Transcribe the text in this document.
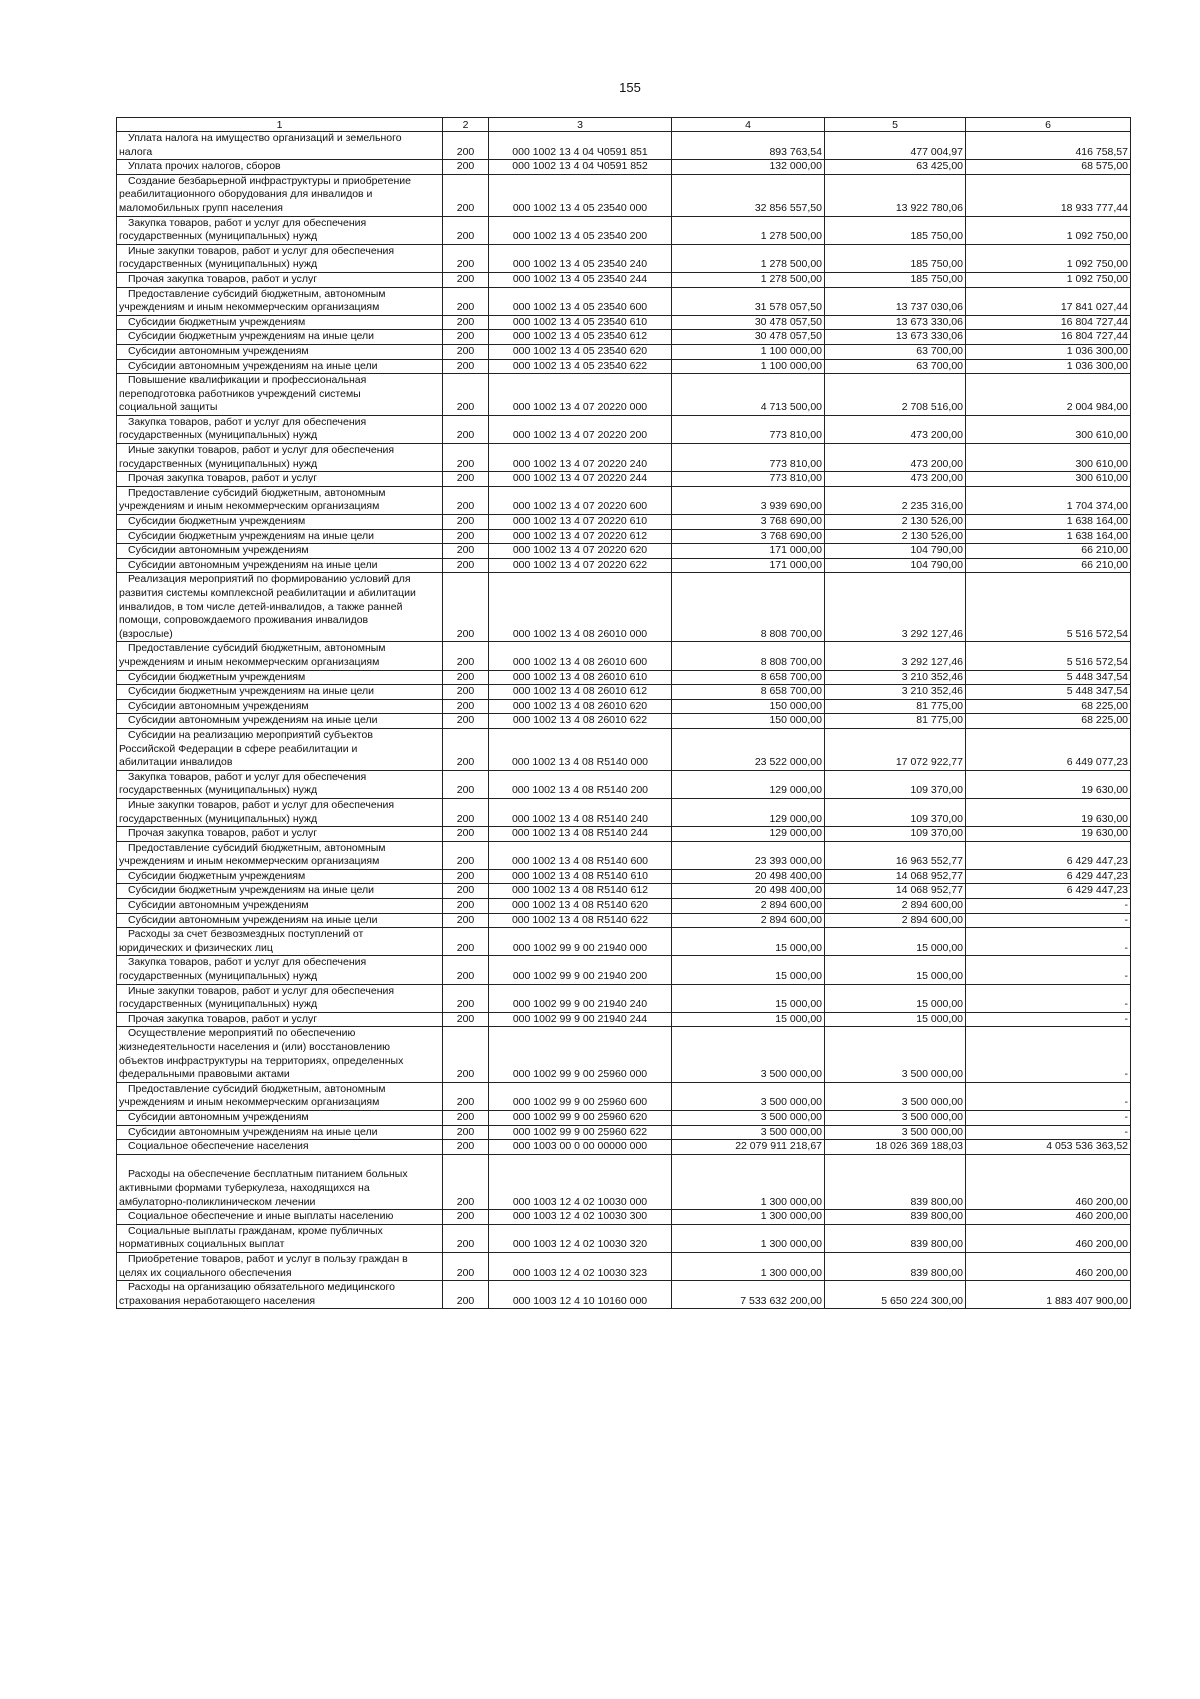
155
1	2	3	4	5	6

Уплата налога на имущество организаций и земельного
налога	200	000 1002 13 4 04 Ч0591 851	893 763,54	477 004,97	416 758,57

Уплата прочих налогов, сборов	200	000 1002 13 4 04 Ч0591 852	132 000,00	63 425,00	68 575,00

Создание безбарьерной инфраструктуры и приобретение
реабилитационного оборудования для инвалидов и
маломобильных групп населения	200	000 1002 13 4 05 23540 000	32 856 557,50	13 922 780,06	18 933 777,44

Закупка товаров, работ и услуг для обеспечения
государственных (муниципальных) нужд	200	000 1002 13 4 05 23540 200	1 278 500,00	185 750,00	1 092 750,00

Иные закупки товаров, работ и услуг для обеспечения
государственных (муниципальных) нужд	200	000 1002 13 4 05 23540 240	1 278 500,00	185 750,00	1 092 750,00

Прочая закупка товаров, работ и услуг	200	000 1002 13 4 05 23540 244	1 278 500,00	185 750,00	1 092 750,00

Предоставление субсидий бюджетным, автономным
учреждениям и иным некоммерческим организациям	200	000 1002 13 4 05 23540 600	31 578 057,50	13 737 030,06	17 841 027,44

Субсидии бюджетным учреждениям	200	000 1002 13 4 05 23540 610	30 478 057,50	13 673 330,06	16 804 727,44

Субсидии бюджетным учреждениям на иные цели	200	000 1002 13 4 05 23540 612	30 478 057,50	13 673 330,06	16 804 727,44

Субсидии автономным учреждениям	200	000 1002 13 4 05 23540 620	1 100 000,00	63 700,00	1 036 300,00

Субсидии автономным учреждениям на иные цели	200	000 1002 13 4 05 23540 622	1 100 000,00	63 700,00	1 036 300,00

Повышение квалификации и профессиональная
переподготовка работников учреждений системы
социальной защиты	200	000 1002 13 4 07 20220 000	4 713 500,00	2 708 516,00	2 004 984,00

Закупка товаров, работ и услуг для обеспечения
государственных (муниципальных) нужд	200	000 1002 13 4 07 20220 200	773 810,00	473 200,00	300 610,00

Иные закупки товаров, работ и услуг для обеспечения
государственных (муниципальных) нужд	200	000 1002 13 4 07 20220 240	773 810,00	473 200,00	300 610,00

Прочая закупка товаров, работ и услуг	200	000 1002 13 4 07 20220 244	773 810,00	473 200,00	300 610,00

Предоставление субсидий бюджетным, автономным
учреждениям и иным некоммерческим организациям	200	000 1002 13 4 07 20220 600	3 939 690,00	2 235 316,00	1 704 374,00

Субсидии бюджетным учреждениям	200	000 1002 13 4 07 20220 610	3 768 690,00	2 130 526,00	1 638 164,00

Субсидии бюджетным учреждениям на иные цели	200	000 1002 13 4 07 20220 612	3 768 690,00	2 130 526,00	1 638 164,00

Субсидии автономным учреждениям	200	000 1002 13 4 07 20220 620	171 000,00	104 790,00	66 210,00

Субсидии автономным учреждениям на иные цели	200	000 1002 13 4 07 20220 622	171 000,00	104 790,00	66 210,00

Реализация мероприятий по формированию условий для
развития системы комплексной реабилитации и абилитации
инвалидов, в том числе детей-инвалидов, а также ранней
помощи, сопровождаемого проживания инвалидов
(взрослые)	200	000 1002 13 4 08 26010 000	8 808 700,00	3 292 127,46	5 516 572,54

Предоставление субсидий бюджетным, автономным
учреждениям и иным некоммерческим организациям	200	000 1002 13 4 08 26010 600	8 808 700,00	3 292 127,46	5 516 572,54

Субсидии бюджетным учреждениям	200	000 1002 13 4 08 26010 610	8 658 700,00	3 210 352,46	5 448 347,54

Субсидии бюджетным учреждениям на иные цели	200	000 1002 13 4 08 26010 612	8 658 700,00	3 210 352,46	5 448 347,54

Субсидии автономным учреждениям	200	000 1002 13 4 08 26010 620	150 000,00	81 775,00	68 225,00

Субсидии автономным учреждениям на иные цели	200	000 1002 13 4 08 26010 622	150 000,00	81 775,00	68 225,00

Субсидии на реализацию мероприятий субъектов
Российской Федерации в сфере реабилитации и
абилитации инвалидов	200	000 1002 13 4 08 R5140 000	23 522 000,00	17 072 922,77	6 449 077,23

Закупка товаров, работ и услуг для обеспечения
государственных (муниципальных) нужд	200	000 1002 13 4 08 R5140 200	129 000,00	109 370,00	19 630,00

Иные закупки товаров, работ и услуг для обеспечения
государственных (муниципальных) нужд	200	000 1002 13 4 08 R5140 240	129 000,00	109 370,00	19 630,00

Прочая закупка товаров, работ и услуг	200	000 1002 13 4 08 R5140 244	129 000,00	109 370,00	19 630,00

Предоставление субсидий бюджетным, автономным
учреждениям и иным некоммерческим организациям	200	000 1002 13 4 08 R5140 600	23 393 000,00	16 963 552,77	6 429 447,23

Субсидии бюджетным учреждениям	200	000 1002 13 4 08 R5140 610	20 498 400,00	14 068 952,77	6 429 447,23

Субсидии бюджетным учреждениям на иные цели	200	000 1002 13 4 08 R5140 612	20 498 400,00	14 068 952,77	6 429 447,23

Субсидии автономным учреждениям	200	000 1002 13 4 08 R5140 620	2 894 600,00	2 894 600,00	-

Субсидии автономным учреждениям на иные цели	200	000 1002 13 4 08 R5140 622	2 894 600,00	2 894 600,00	-

Расходы за счет безвозмездных поступлений от
юридических и физических лиц	200	000 1002 99 9 00 21940 000	15 000,00	15 000,00	-

Закупка товаров, работ и услуг для обеспечения
государственных (муниципальных) нужд	200	000 1002 99 9 00 21940 200	15 000,00	15 000,00	-

Иные закупки товаров, работ и услуг для обеспечения
государственных (муниципальных) нужд	200	000 1002 99 9 00 21940 240	15 000,00	15 000,00	-

Прочая закупка товаров, работ и услуг	200	000 1002 99 9 00 21940 244	15 000,00	15 000,00	-

Осуществление мероприятий по обеспечению
жизнедеятельности населения и (или) восстановлению
объектов инфраструктуры на территориях, определенных
федеральными правовыми актами	200	000 1002 99 9 00 25960 000	3 500 000,00	3 500 000,00	-

Предоставление субсидий бюджетным, автономным
учреждениям и иным некоммерческим организациям	200	000 1002 99 9 00 25960 600	3 500 000,00	3 500 000,00	-

Субсидии автономным учреждениям	200	000 1002 99 9 00 25960 620	3 500 000,00	3 500 000,00	-

Субсидии автономным учреждениям на иные цели	200	000 1002 99 9 00 25960 622	3 500 000,00	3 500 000,00	-

Социальное обеспечение населения	200	000 1003 00 0 00 00000 000	22 079 911 218,67	18 026 369 188,03	4 053 536 363,52

Расходы на обеспечение бесплатным питанием больных
активными формами туберкулеза, находящихся на
амбулаторно-поликлиническом лечении	200	000 1003 12 4 02 10030 000	1 300 000,00	839 800,00	460 200,00

Социальное обеспечение и иные выплаты населению	200	000 1003 12 4 02 10030 300	1 300 000,00	839 800,00	460 200,00

Социальные выплаты гражданам, кроме публичных
нормативных социальных выплат	200	000 1003 12 4 02 10030 320	1 300 000,00	839 800,00	460 200,00

Приобретение товаров, работ и услуг в пользу граждан в
целях их социального обеспечения	200	000 1003 12 4 02 10030 323	1 300 000,00	839 800,00	460 200,00

Расходы на организацию обязательного медицинского
страхования неработающего населения	200	000 1003 12 4 10 10160 000	7 533 632 200,00	5 650 224 300,00	1 883 407 900,00
